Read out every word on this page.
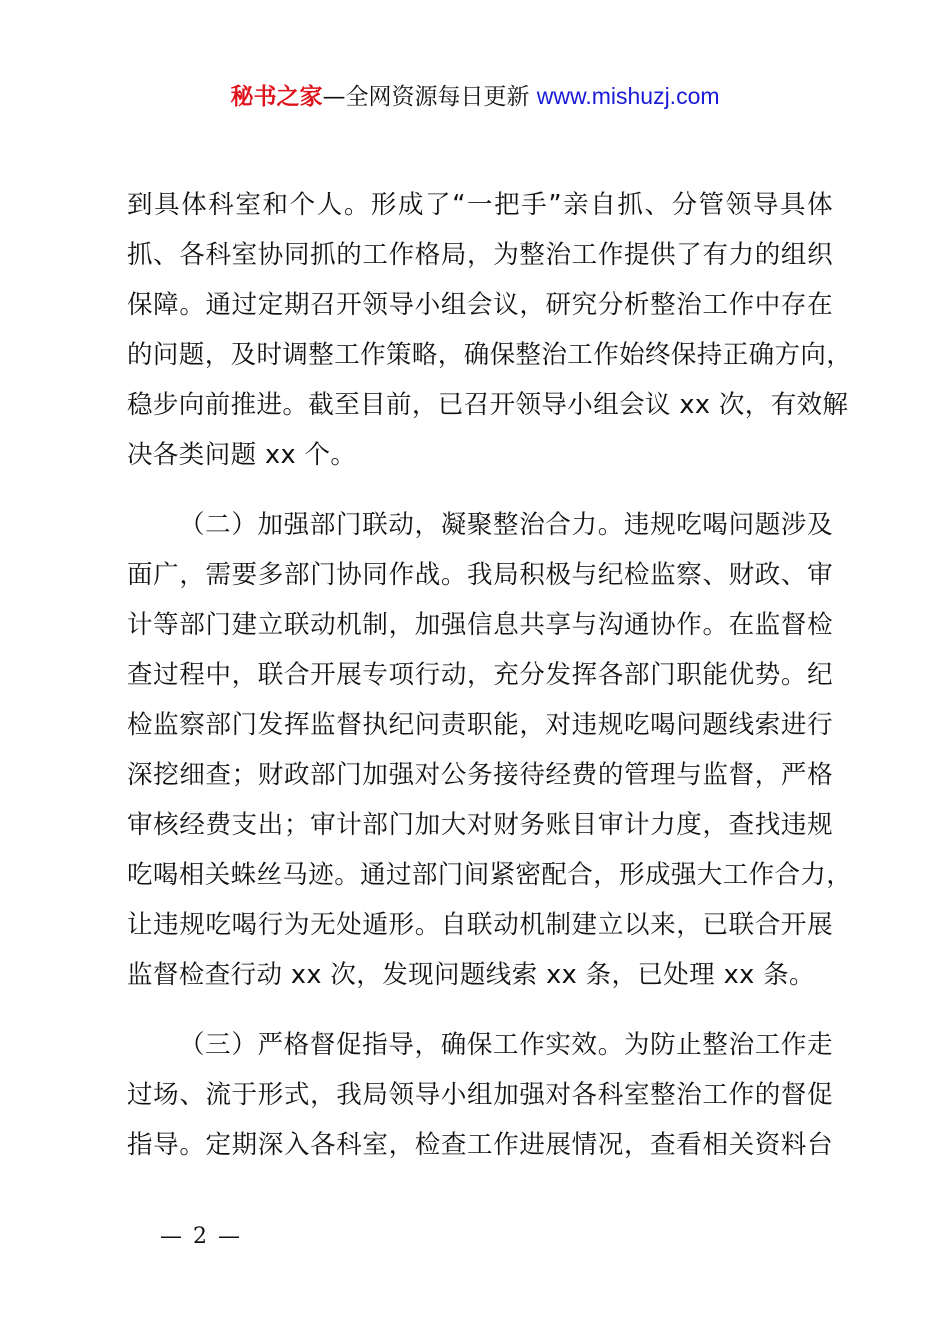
秘书之家—全网资源每日更新 www.mishuzj.com

到具体科室和个人。形成了“一把手”亲自抓、分管领导具体
抓、各科室协同抓的工作格局，为整治工作提供了有力的组织
保障。通过定期召开领导小组会议，研究分析整治工作中存在
的问题，及时调整工作策略，确保整治工作始终保持正确方向，
稳步向前推进。截至目前，已召开领导小组会议 xx 次，有效解
决各类问题 xx 个。

（二）加强部门联动，凝聚整治合力。违规吃喝问题涉及
面广，需要多部门协同作战。我局积极与纪检监察、财政、审
计等部门建立联动机制，加强信息共享与沟通协作。在监督检
查过程中，联合开展专项行动，充分发挥各部门职能优势。纪
检监察部门发挥监督执纪问责职能，对违规吃喝问题线索进行
深挖细查；财政部门加强对公务接待经费的管理与监督，严格
审核经费支出；审计部门加大对财务账目审计力度，查找违规
吃喝相关蛛丝马迹。通过部门间紧密配合，形成强大工作合力，
让违规吃喝行为无处遁形。自联动机制建立以来，已联合开展
监督检查行动 xx 次，发现问题线索 xx 条，已处理 xx 条。

（三）严格督促指导，确保工作实效。为防止整治工作走
过场、流于形式，我局领导小组加强对各科室整治工作的督促
指导。定期深入各科室，检查工作进展情况，查看相关资料台

— 2 —
